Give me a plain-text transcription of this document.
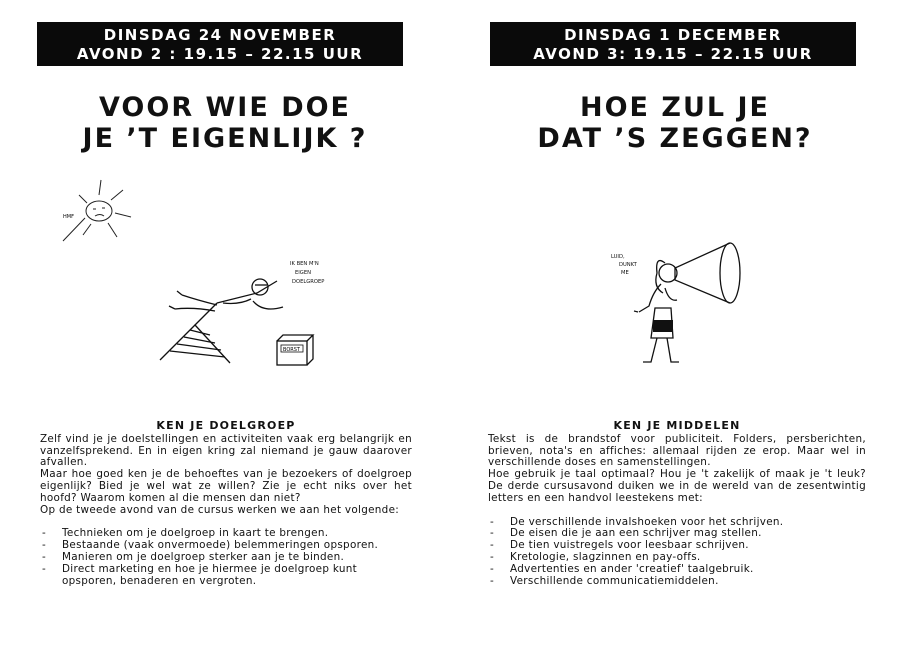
DINSDAG 24 NOVEMBER
AVOND 2 : 19.15 – 22.15 UUR
VOOR WIE DOE
JE ’T EIGENLIJK ?
HMF
BORST
IK BEN M'N
EIGEN
DOELGROEP
KEN JE DOELGROEP

Zelf vind je je doelstellingen en activiteiten vaak erg belangrijk en vanzelfsprekend. En in eigen kring zal niemand je gauw daarover afvallen.

Maar hoe goed ken je de behoeftes van je bezoekers of doelgroep eigenlijk? Bied je wel wat ze willen? Zie je echt niks over het hoofd? Waarom komen al die mensen dan niet?

Op de tweede avond van de cursus werken we aan het volgende:

- Technieken om je doelgroep in kaart te brengen.
- Bestaande (vaak onvermoede) belemmeringen opsporen.
- Manieren om je doelgroep sterker aan je te binden.
- Direct marketing en hoe je hiermee je doelgroep kunt opsporen, benaderen en vergroten.
DINSDAG 1 DECEMBER
AVOND 3: 19.15 – 22.15 UUR
HOE ZUL JE
DAT ’S ZEGGEN?
LUID,
DUNKT
ME
KEN JE MIDDELEN

Tekst is de brandstof voor publiciteit. Folders, persberichten, brieven, nota's en affiches: allemaal rijden ze erop. Maar wel in verschillende doses en samenstellingen.

Hoe gebruik je taal optimaal? Hou je 't zakelijk of maak je 't leuk? De derde cursusavond duiken we in de wereld van de zesentwintig letters en een handvol leestekens met:

- De verschillende invalshoeken voor het schrijven.
- De eisen die je aan een schrijver mag stellen.
- De tien vuistregels voor leesbaar schrijven.
- Kretologie, slagzinnen en pay-offs.
- Advertenties en ander 'creatief' taalgebruik.
- Verschillende communicatiemiddelen.
